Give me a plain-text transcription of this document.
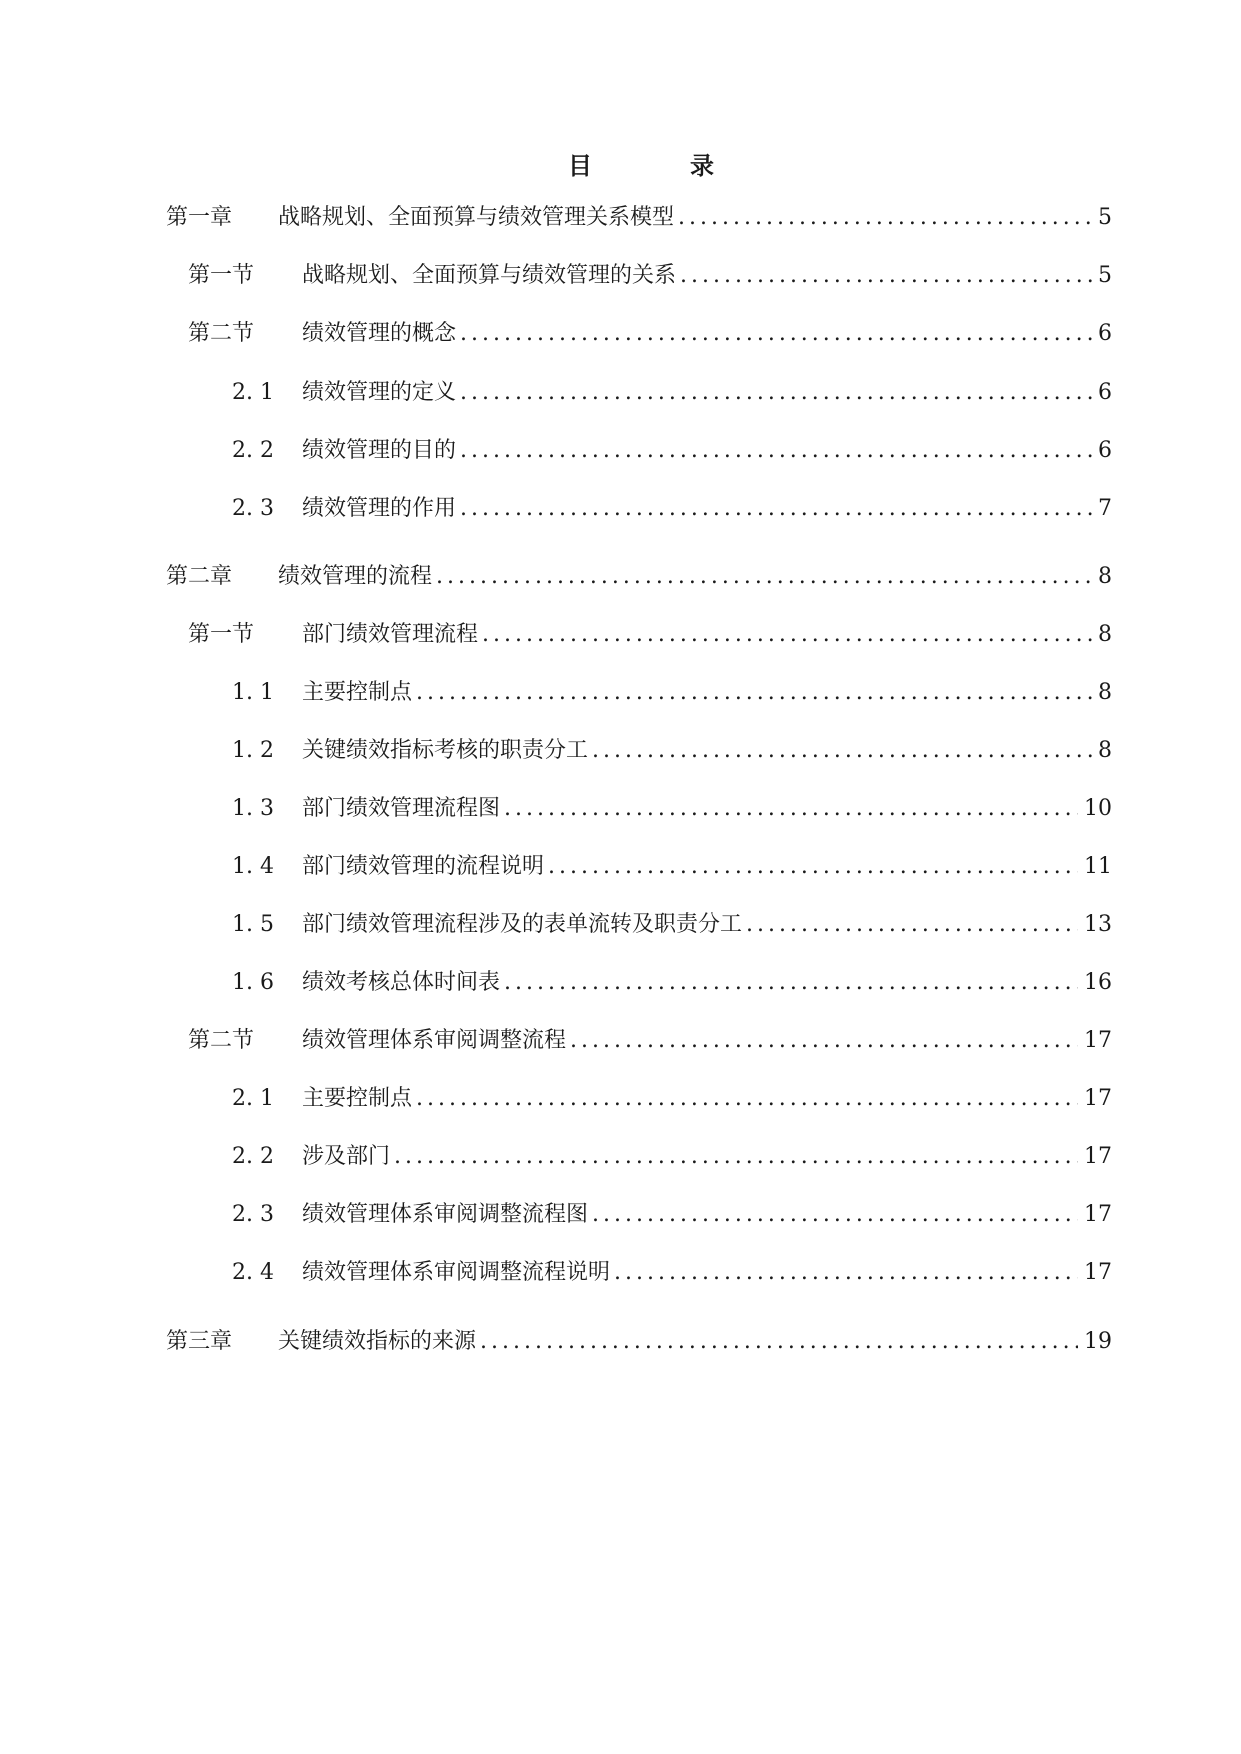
目	录
第一章	战略规划、全面预算与绩效管理关系模型 .....	5
第一节	战略规划、全面预算与绩效管理的关系 .....	5
第二节	绩效管理的概念 .....	6
2. 1	绩效管理的定义 .....	6
2. 2	绩效管理的目的 .....	6
2. 3	绩效管理的作用 .....	7
第二章	绩效管理的流程 .....	8
第一节	部门绩效管理流程 .....	8
1. 1	主要控制点 .....	8
1. 2	关键绩效指标考核的职责分工 .....	8
1. 3	部门绩效管理流程图 .....	10
1. 4	部门绩效管理的流程说明 .....	11
1. 5	部门绩效管理流程涉及的表单流转及职责分工 .....	13
1. 6	绩效考核总体时间表 .....	16
第二节	绩效管理体系审阅调整流程 .....	17
2. 1	主要控制点 .....	17
2. 2	涉及部门 .....	17
2. 3	绩效管理体系审阅调整流程图 .....	17
2. 4	绩效管理体系审阅调整流程说明 .....	17
第三章	关键绩效指标的来源 .....	19
